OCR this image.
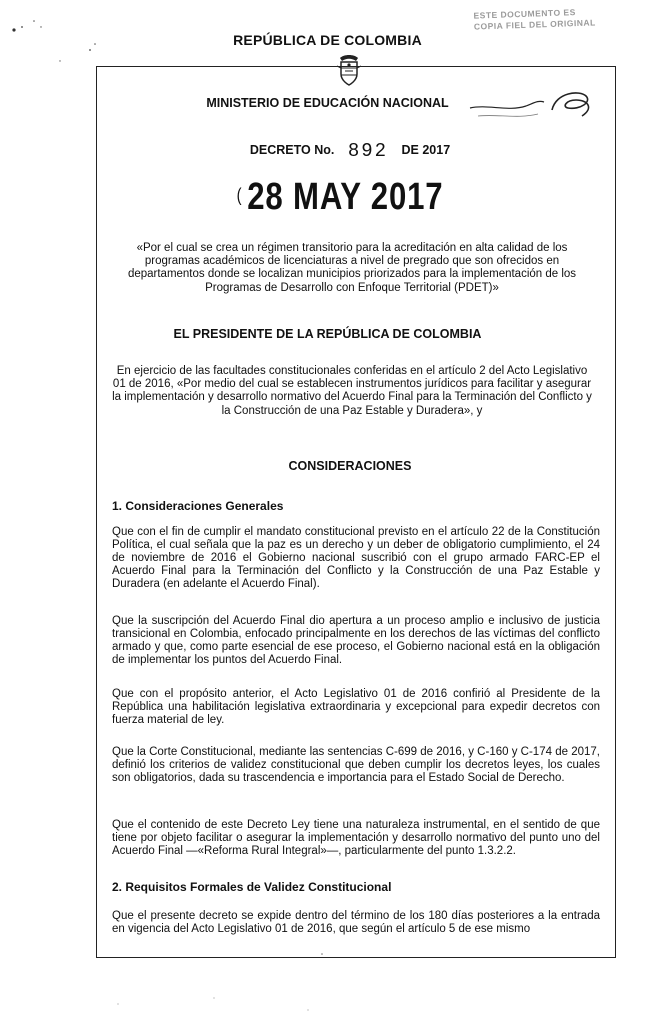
REPÚBLICA DE COLOMBIA
ESTE DOCUMENTO ES
COPIA FIEL DEL ORIGINAL
MINISTERIO DE EDUCACIÓN NACIONAL
DECRETO No. 892 DE 2017
( 28 MAY 2017
«Por el cual se crea un régimen transitorio para la acreditación en alta calidad de los programas académicos de licenciaturas a nivel de pregrado que son ofrecidos en departamentos donde se localizan municipios priorizados para la implementación de los Programas de Desarrollo con Enfoque Territorial (PDET)»
EL PRESIDENTE DE LA REPÚBLICA DE COLOMBIA
En ejercicio de las facultades constitucionales conferidas en el artículo 2 del Acto Legislativo 01 de 2016, «Por medio del cual se establecen instrumentos jurídicos para facilitar y asegurar la implementación y desarrollo normativo del Acuerdo Final para la Terminación del Conflicto y la Construcción de una Paz Estable y Duradera», y
CONSIDERACIONES
1. Consideraciones Generales
Que con el fin de cumplir el mandato constitucional previsto en el artículo 22 de la Constitución Política, el cual señala que la paz es un derecho y un deber de obligatorio cumplimiento, el 24 de noviembre de 2016 el Gobierno nacional suscribió con el grupo armado FARC-EP el Acuerdo Final para la Terminación del Conflicto y la Construcción de una Paz Estable y Duradera (en adelante el Acuerdo Final).
Que la suscripción del Acuerdo Final dio apertura a un proceso amplio e inclusivo de justicia transicional en Colombia, enfocado principalmente en los derechos de las víctimas del conflicto armado y que, como parte esencial de ese proceso, el Gobierno nacional está en la obligación de implementar los puntos del Acuerdo Final.
Que con el propósito anterior, el Acto Legislativo 01 de 2016 confirió al Presidente de la República una habilitación legislativa extraordinaria y excepcional para expedir decretos con fuerza material de ley.
Que la Corte Constitucional, mediante las sentencias C-699 de 2016, y C-160 y C-174 de 2017, definió los criterios de validez constitucional que deben cumplir los decretos leyes, los cuales son obligatorios, dada su trascendencia e importancia para el Estado Social de Derecho.
Que el contenido de este Decreto Ley tiene una naturaleza instrumental, en el sentido de que tiene por objeto facilitar o asegurar la implementación y desarrollo normativo del punto uno del Acuerdo Final —«Reforma Rural Integral»—, particularmente del punto 1.3.2.2.
2. Requisitos Formales de Validez Constitucional
Que el presente decreto se expide dentro del término de los 180 días posteriores a la entrada en vigencia del Acto Legislativo 01 de 2016, que según el artículo 5 de ese mismo
